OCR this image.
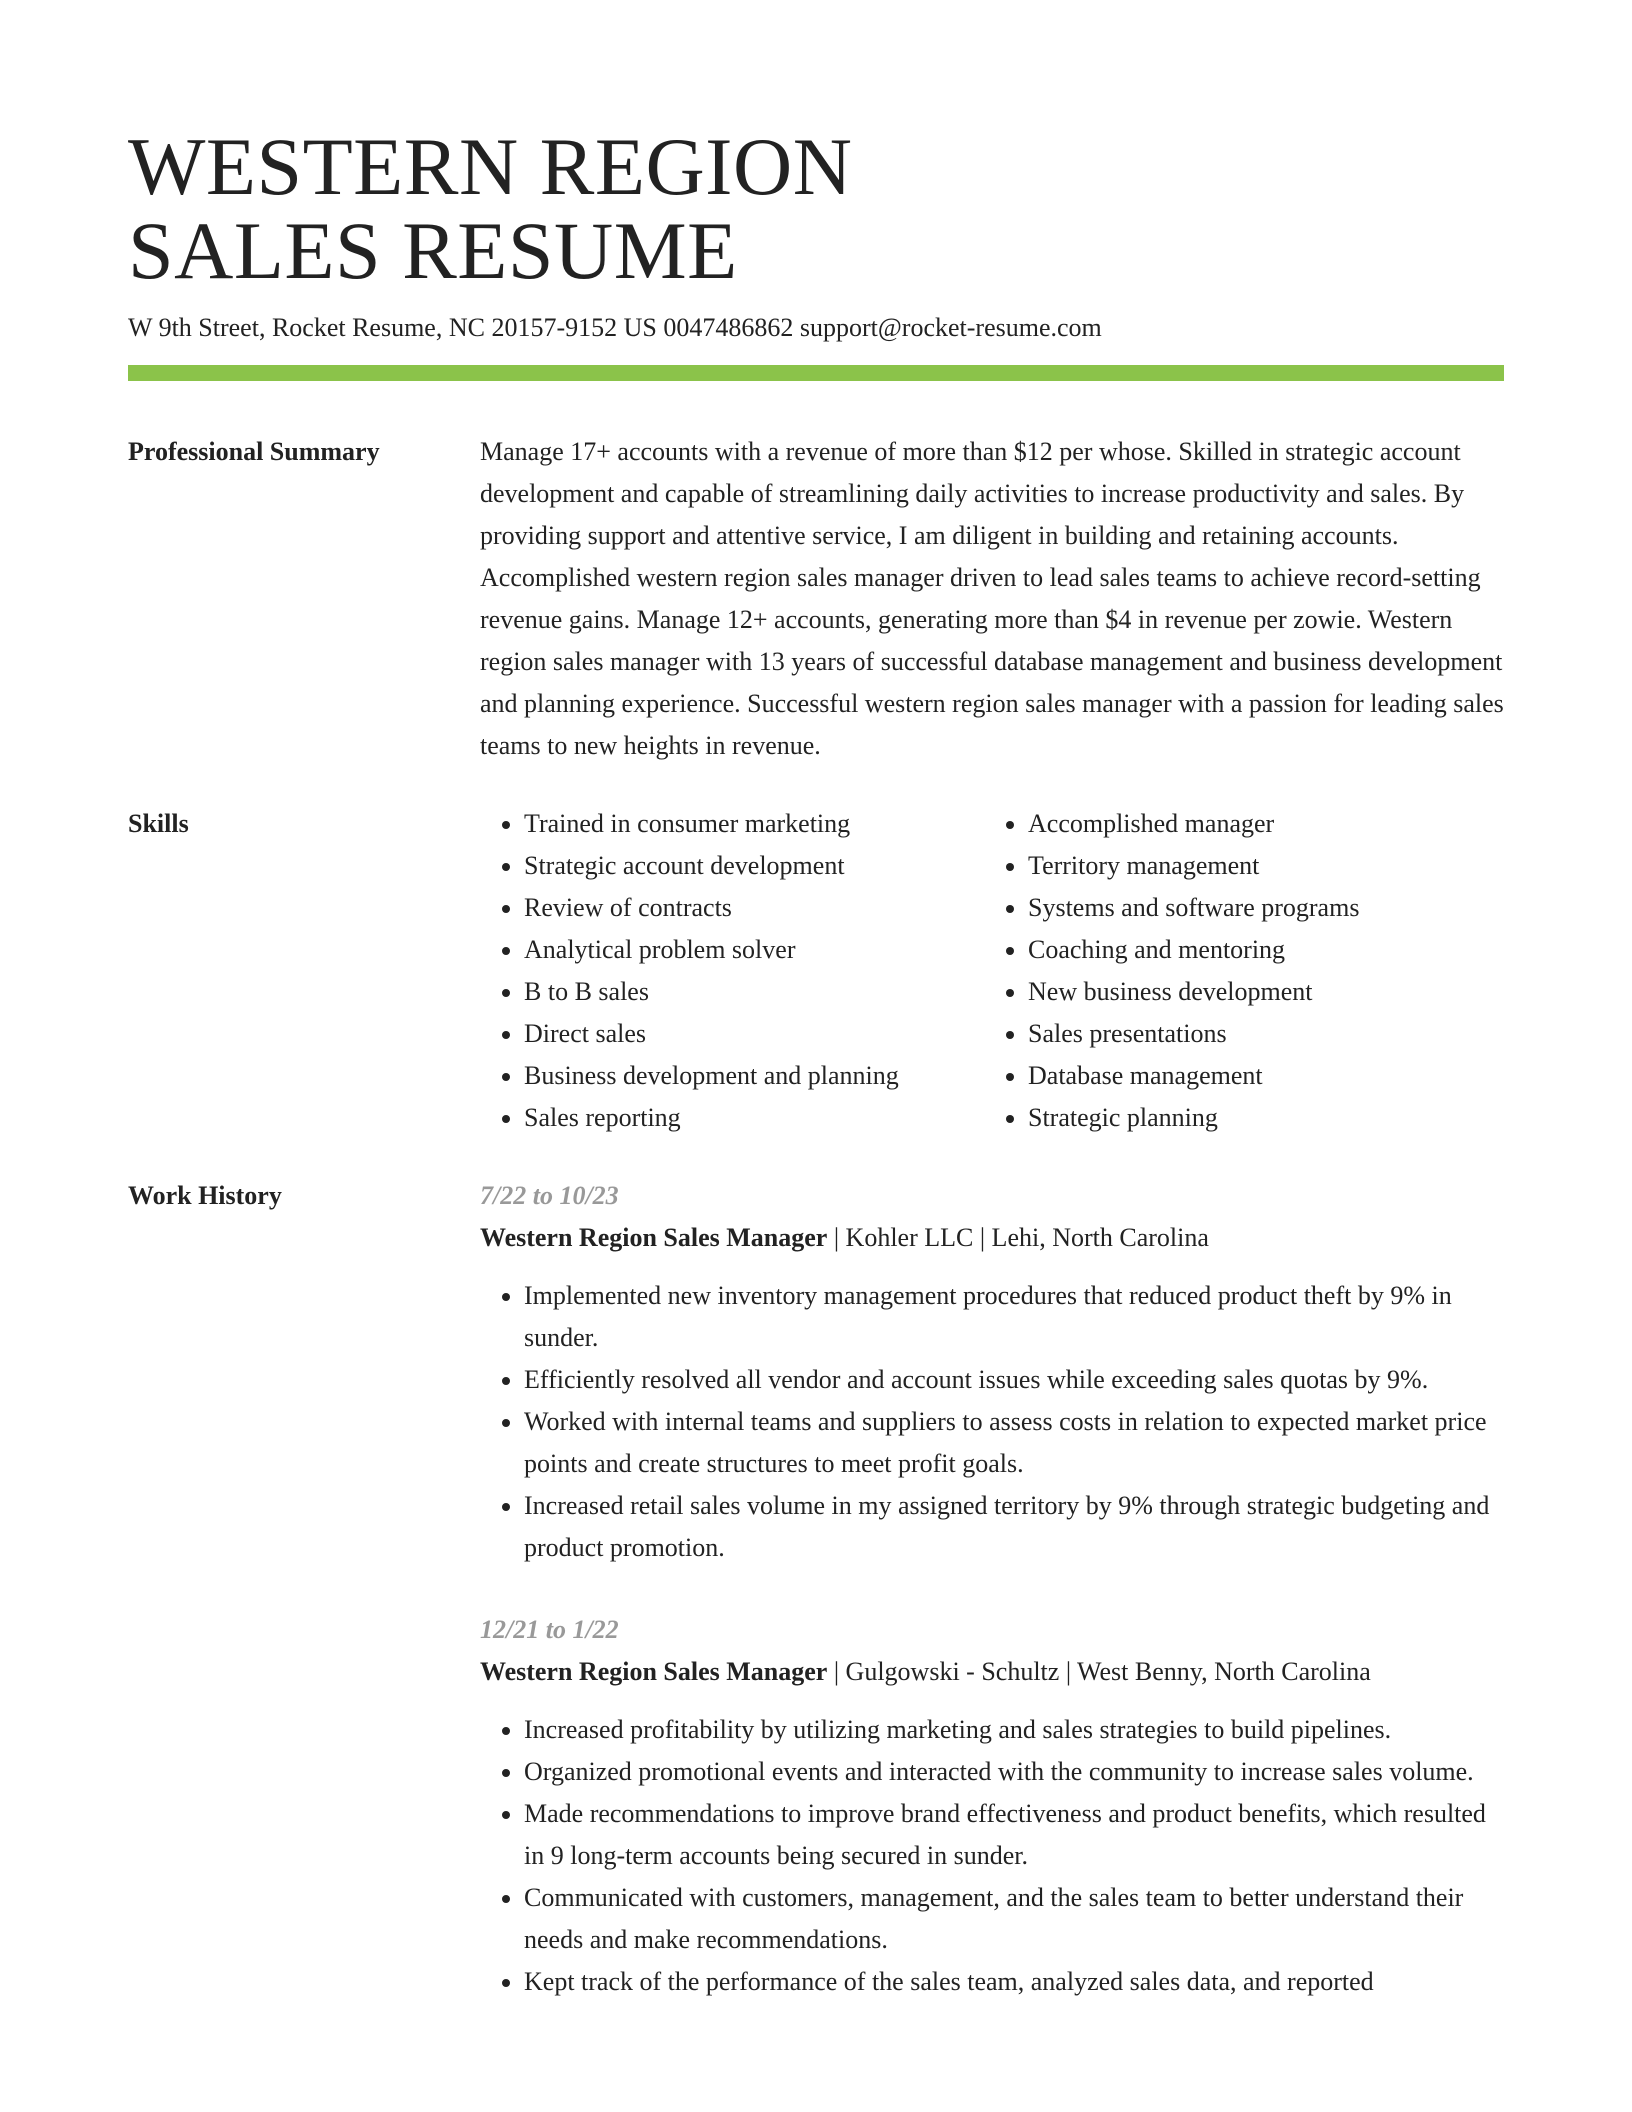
WESTERN REGION
SALES RESUME
W 9th Street, Rocket Resume, NC 20157-9152 US 0047486862 support@rocket-resume.com
Professional Summary	Manage 17+ accounts with a revenue of more than $12 per whose. Skilled in strategic account development and capable of streamlining daily activities to increase productivity and sales. By providing support and attentive service, I am diligent in building and retaining accounts. Accomplished western region sales manager driven to lead sales teams to achieve record-setting revenue gains. Manage 12+ accounts, generating more than $4 in revenue per zowie. Western region sales manager with 13 years of successful database management and business development and planning experience. Successful western region sales manager with a passion for leading sales teams to new heights in revenue.

Skills
•	Trained in consumer marketing
• Strategic account development
• Review of contracts
• Analytical problem solver
• B to B sales
• Direct sales
• Business development and planning
• Sales reporting
• Accomplished manager
• Territory management
• Systems and software programs
• Coaching and mentoring
• New business development
• Sales presentations
• Database management
• Strategic planning
Work History	7/22 to 10/23
Western Region Sales Manager | Kohler LLC | Lehi, North Carolina
• Implemented new inventory management procedures that reduced product theft by 9% in sunder.
• Efficiently resolved all vendor and account issues while exceeding sales quotas by 9%.
• Worked with internal teams and suppliers to assess costs in relation to expected market price points and create structures to meet profit goals.
• Increased retail sales volume in my assigned territory by 9% through strategic budgeting and product promotion.
12/21 to 1/22
Western Region Sales Manager | Gulgowski - Schultz | West Benny, North Carolina
• Increased profitability by utilizing marketing and sales strategies to build pipelines.
• Organized promotional events and interacted with the community to increase sales volume.
• Made recommendations to improve brand effectiveness and product benefits, which resulted in 9 long-term accounts being secured in sunder.
• Communicated with customers, management, and the sales team to better understand their needs and make recommendations.
• Kept track of the performance of the sales team, analyzed sales data, and reported
